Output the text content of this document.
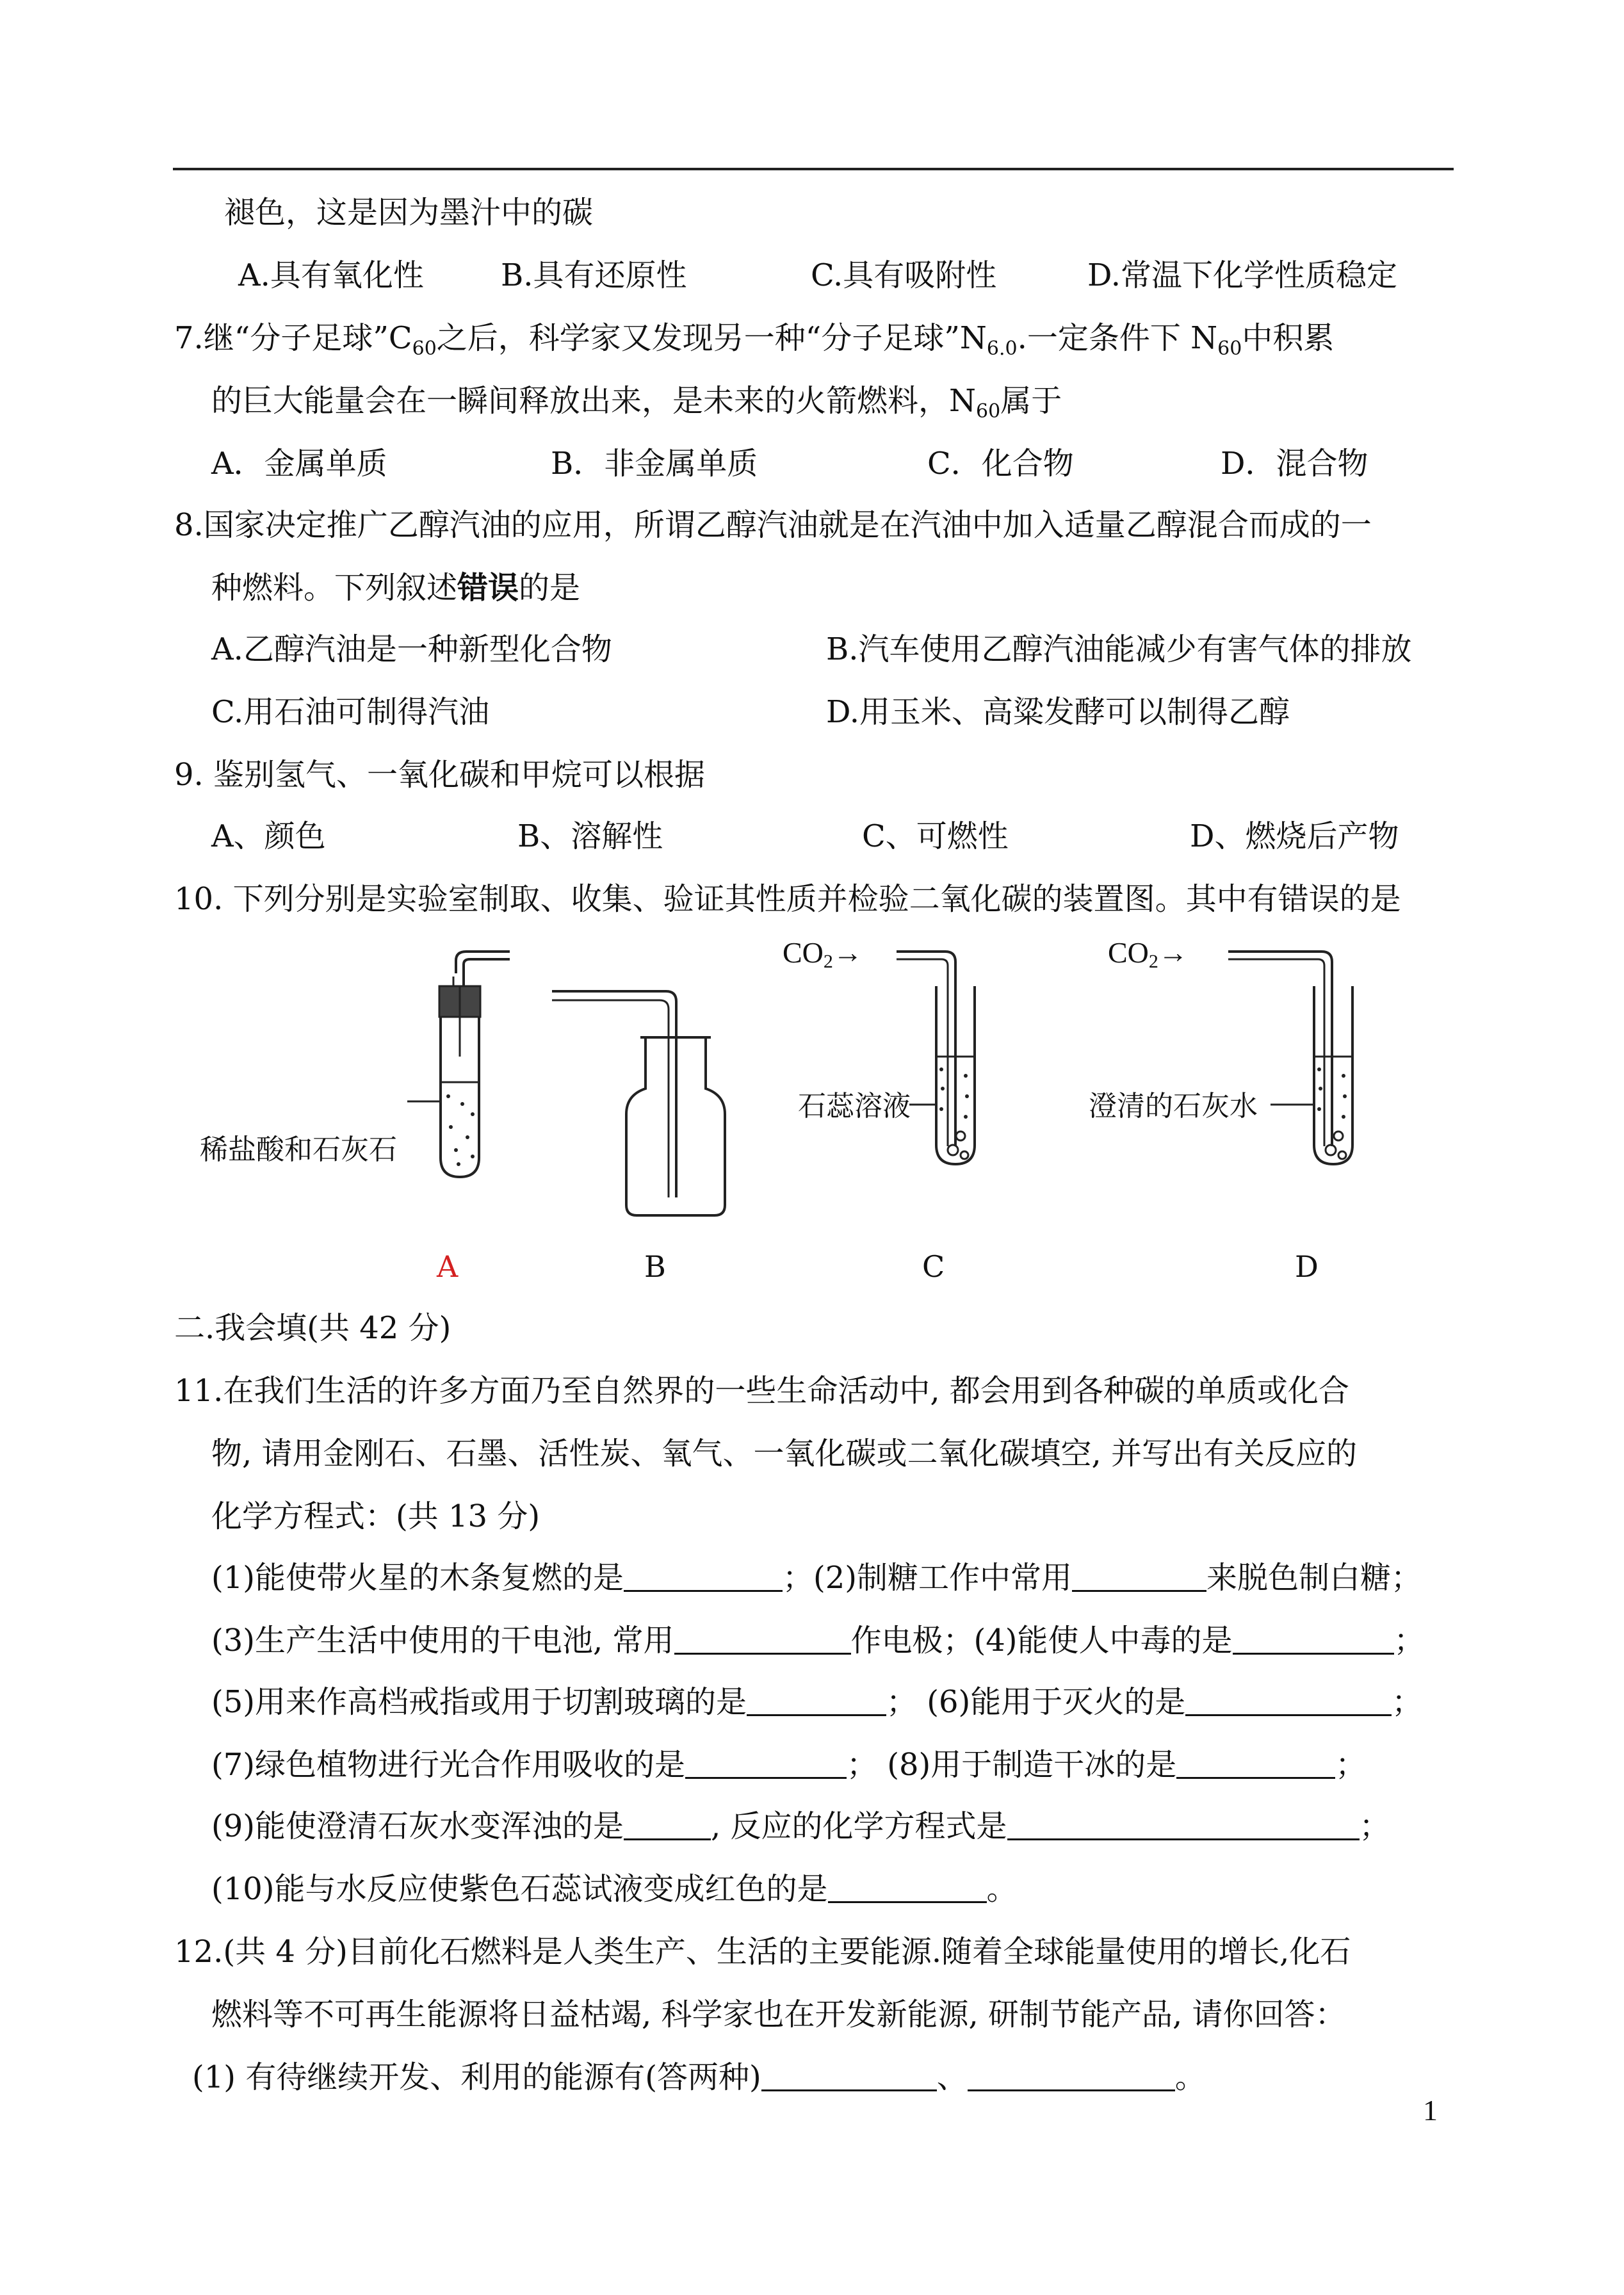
褪色，这是因为墨汁中的碳
A.具有氧化性	B.具有还原性	C.具有吸附性	D.常温下化学性质稳定
7.继“分子足球$”C_{60}$之后，科学家又发现另一种“分子足球$”N_{6.0}$.一定条件下 $N_{60}$中积累
的巨大能量会在一瞬间释放出来，是未来的火箭燃料，$N_{60}$属于
A．金属单质	B．非金属单质	C．化合物	D．混合物
8.国家决定推广乙醇汽油的应用，所谓乙醇汽油就是在汽油中加入适量乙醇混合而成的一
种燃料。下列叙述错误的是
A.乙醇汽油是一种新型化合物	B.汽车使用乙醇汽油能减少有害气体的排放
C.用石油可制得汽油	D.用玉米、高粱发酵可以制得乙醇
9. 鉴别氢气、一氧化碳和甲烷可以根据
A、颜色	B、溶解性	C、可燃性	D、燃烧后产物
10. 下列分别是实验室制取、收集、验证其性质并检验二氧化碳的装置图。其中有错误的是
稀盐酸和石灰石
石蕊溶液	澄清的石灰水
$CO_2\to$	$CO_2\to$
A	B	C	D
二.我会填(共 42 分)
11.在我们生活的许多方面乃至自然界的一些生命活动中, 都会用到各种碳的单质或化合
物, 请用金刚石、石墨、活性炭、氧气、一氧化碳或二氧化碳填空, 并写出有关反应的
化学方程式：(共 13 分)
(1)能使带火星的木条复燃的是	；(2)制糖工作中常用	来脱色制白糖；
(3)生产生活中使用的干电池, 常用	作电极；(4)能使人中毒的是	；
(5)用来作高档戒指或用于切割玻璃的是	； (6)能用于灭火的是	；
(7)绿色植物进行光合作用吸收的是	； (8)用于制造干冰的是	；
(9)能使澄清石灰水变浑浊的是	, 反应的化学方程式是	；
(10)能与水反应使紫色石蕊试液变成红色的是	。
12.(共 4 分)目前化石燃料是人类生产、生活的主要能源.随着全球能量使用的增长,化石
燃料等不可再生能源将日益枯竭, 科学家也在开发新能源, 研制节能产品, 请你回答：
(1) 有待继续开发、利用的能源有(答两种)	、	。
1
